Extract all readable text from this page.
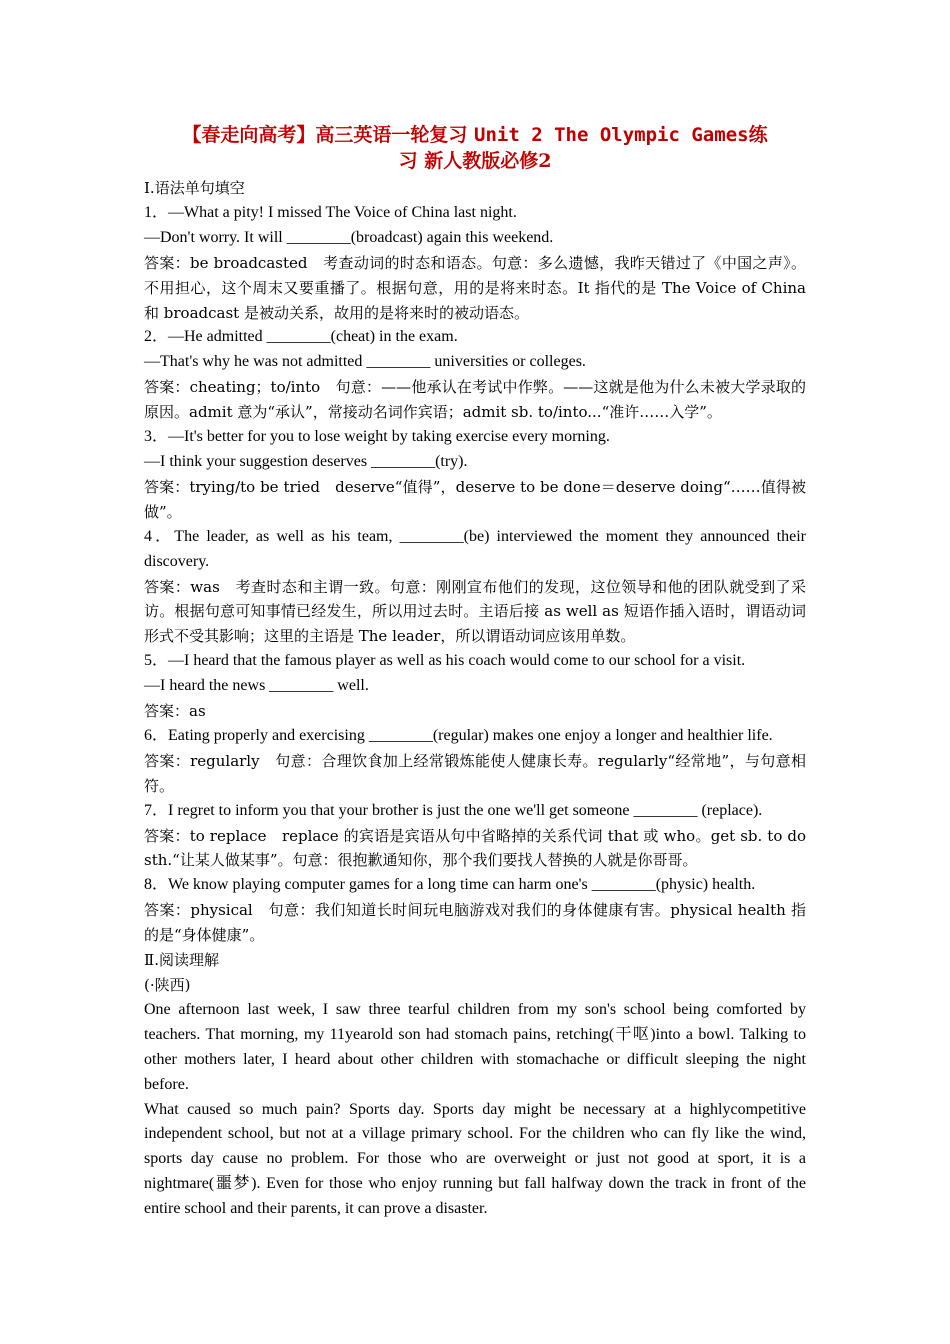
【春走向高考】高三英语一轮复习 Unit 2 The Olympic Games练
习 新人教版必修2

Ⅰ.语法单句填空

1．—What a pity! I missed The Voice of China last night.

—Don't worry. It will ________(broadcast) again this weekend.

答案：be broadcasted　考查动词的时态和语态。句意：多么遗憾，我昨天错过了《中国之声》。不用担心，这个周末又要重播了。根据句意，用的是将来时态。It 指代的是 The Voice of China 和 broadcast 是被动关系，故用的是将来时的被动语态。

2．—He admitted ________(cheat) in the exam.

—That's why he was not admitted ________ universities or colleges.

答案：cheating；to/into　句意：——他承认在考试中作弊。——这就是他为什么未被大学录取的原因。admit 意为“承认”，常接动名词作宾语；admit sb. to/into...“准许……入学”。

3．—It's better for you to lose weight by taking exercise every morning.

—I think your suggestion deserves ________(try).

答案：trying/to be tried　deserve“值得”，deserve to be done＝deserve doing“……值得被做”。

4．The leader, as well as his team, ________(be) interviewed the moment they announced their discovery.

答案：was　考查时态和主谓一致。句意：刚刚宣布他们的发现，这位领导和他的团队就受到了采访。根据句意可知事情已经发生，所以用过去时。主语后接 as well as 短语作插入语时，谓语动词形式不受其影响；这里的主语是 The leader，所以谓语动词应该用单数。

5．—I heard that the famous player as well as his coach would come to our school for a visit.

—I heard the news ________ well.

答案：as

6．Eating properly and exercising ________(regular) makes one enjoy a longer and healthier life.

答案：regularly　句意：合理饮食加上经常锻炼能使人健康长寿。regularly“经常地”，与句意相符。

7．I regret to inform you that your brother is just the one we'll get someone ________ (replace).

答案：to replace　replace 的宾语是宾语从句中省略掉的关系代词 that 或 who。get sb. to do sth.“让某人做某事”。句意：很抱歉通知你，那个我们要找人替换的人就是你哥哥。

8．We know playing computer games for a long time can harm one's ________(physic) health.

答案：physical　句意：我们知道长时间玩电脑游戏对我们的身体健康有害。physical health 指的是“身体健康”。

Ⅱ.阅读理解

(·陕西)

One afternoon last week, I saw three tearful children from my son's school being comforted by teachers. That morning, my 11yearold son had stomach pains, retching(干呕)into a bowl. Talking to other mothers later, I heard about other children with stomachache or difficult sleeping the night before.

What caused so much pain? Sports day. Sports day might be necessary at a highlycompetitive independent school, but not at a village primary school. For the children who can fly like the wind, sports day cause no problem. For those who are overweight or just not good at sport, it is a nightmare(噩梦). Even for those who enjoy running but fall halfway down the track in front of the entire school and their parents, it can prove a disaster.
